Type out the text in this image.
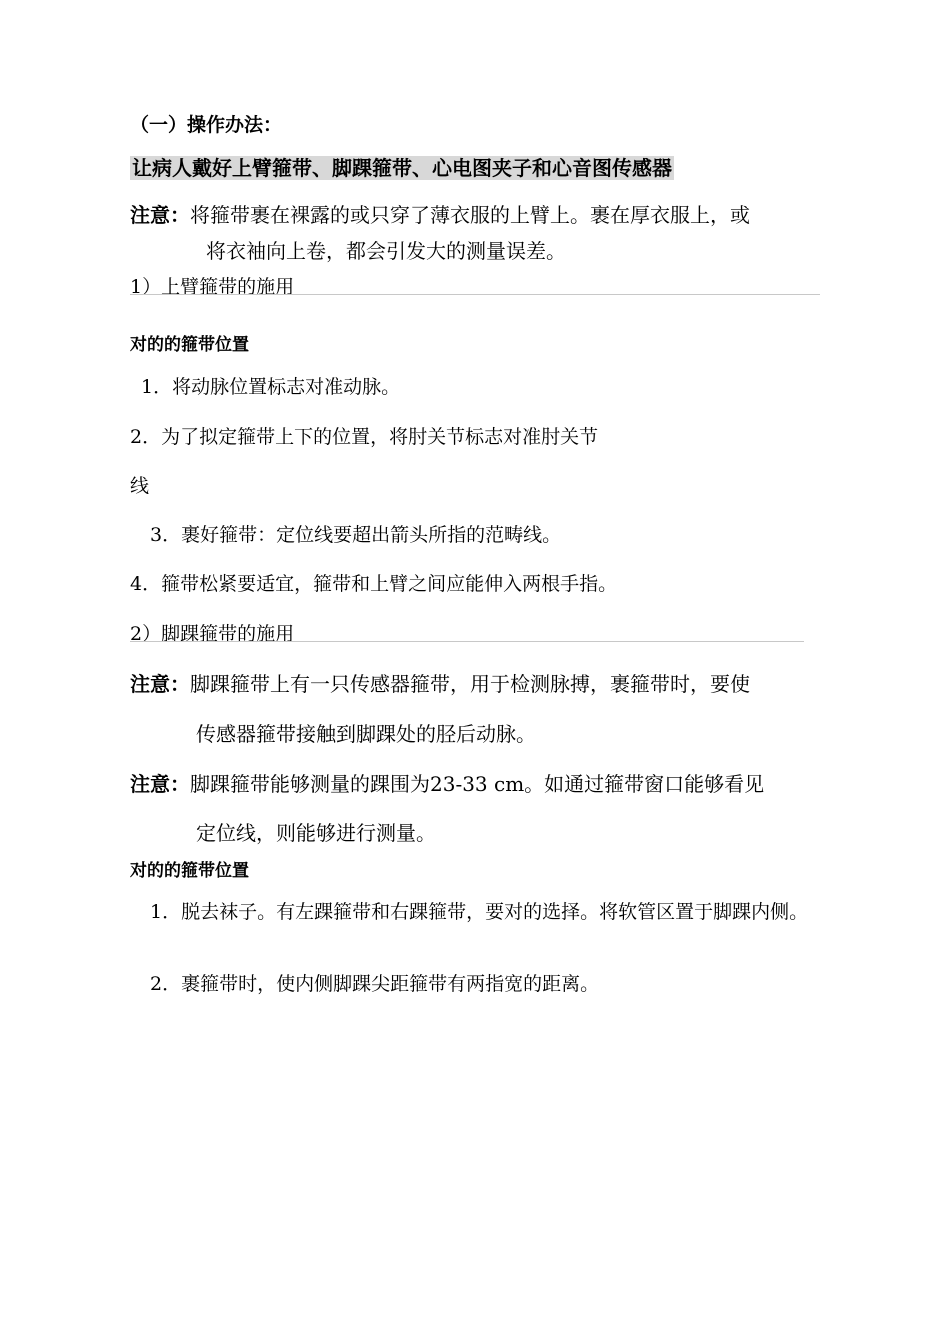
（一）操作办法：
让病人戴好上臂箍带、脚踝箍带、心电图夹子和心音图传感器
注意：将箍带裹在裸露的或只穿了薄衣服的上臂上。裹在厚衣服上，或
将衣袖向上卷，都会引发大的测量误差。
1）上臂箍带的施用
对的的箍带位置
1．将动脉位置标志对准动脉。
2．为了拟定箍带上下的位置，将肘关节标志对准肘关节
线
3．裹好箍带：定位线要超出箭头所指的范畴线。
4．箍带松紧要适宜，箍带和上臂之间应能伸入两根手指。
2）脚踝箍带的施用
注意：脚踝箍带上有一只传感器箍带，用于检测脉搏，裹箍带时，要使
传感器箍带接触到脚踝处的胫后动脉。
注意：脚踝箍带能够测量的踝围为23-33 cm。如通过箍带窗口能够看见
定位线，则能够进行测量。
对的的箍带位置
1．脱去袜子。有左踝箍带和右踝箍带，要对的选择。将软管区置于脚踝内侧。
2．裹箍带时，使内侧脚踝尖距箍带有两指宽的距离。
